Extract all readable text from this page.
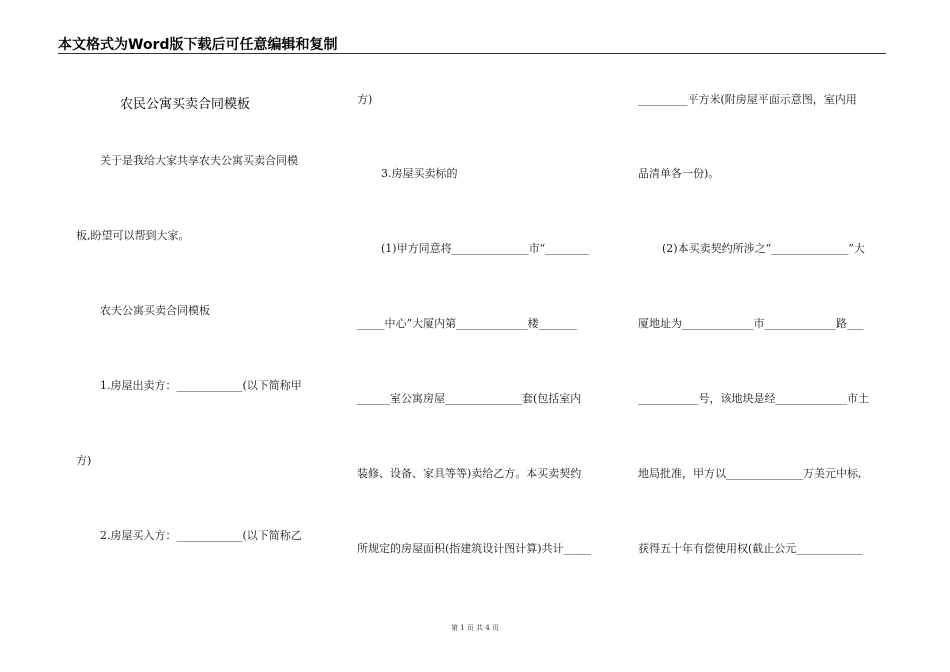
本文格式为Word版下载后可任意编辑和复制
农民公寓买卖合同模板
关于是我给大家共享农夫公寓买卖合同模
板,盼望可以帮到大家。
农夫公寓买卖合同模板
1.房屋出卖方：____________(以下简称甲
方)
2.房屋买入方：____________(以下简称乙
方)
3.房屋买卖标的
(1)甲方同意将______________市“________
_____中心”大厦内第_____________楼_______
______室公寓房屋______________套(包括室内
装修、设备、家具等等)卖给乙方。本买卖契约
所规定的房屋面积(指建筑设计图计算)共计_____
_________平方米(附房屋平面示意图，室内用
品清单各一份)。
(2)本买卖契约所涉之“______________”大
厦地址为_____________市_____________路___
___________号，该地块是经_____________市土
地局批准，甲方以______________万美元中标,
获得五十年有偿使用权(截止公元____________
第 1 页 共 4 页
